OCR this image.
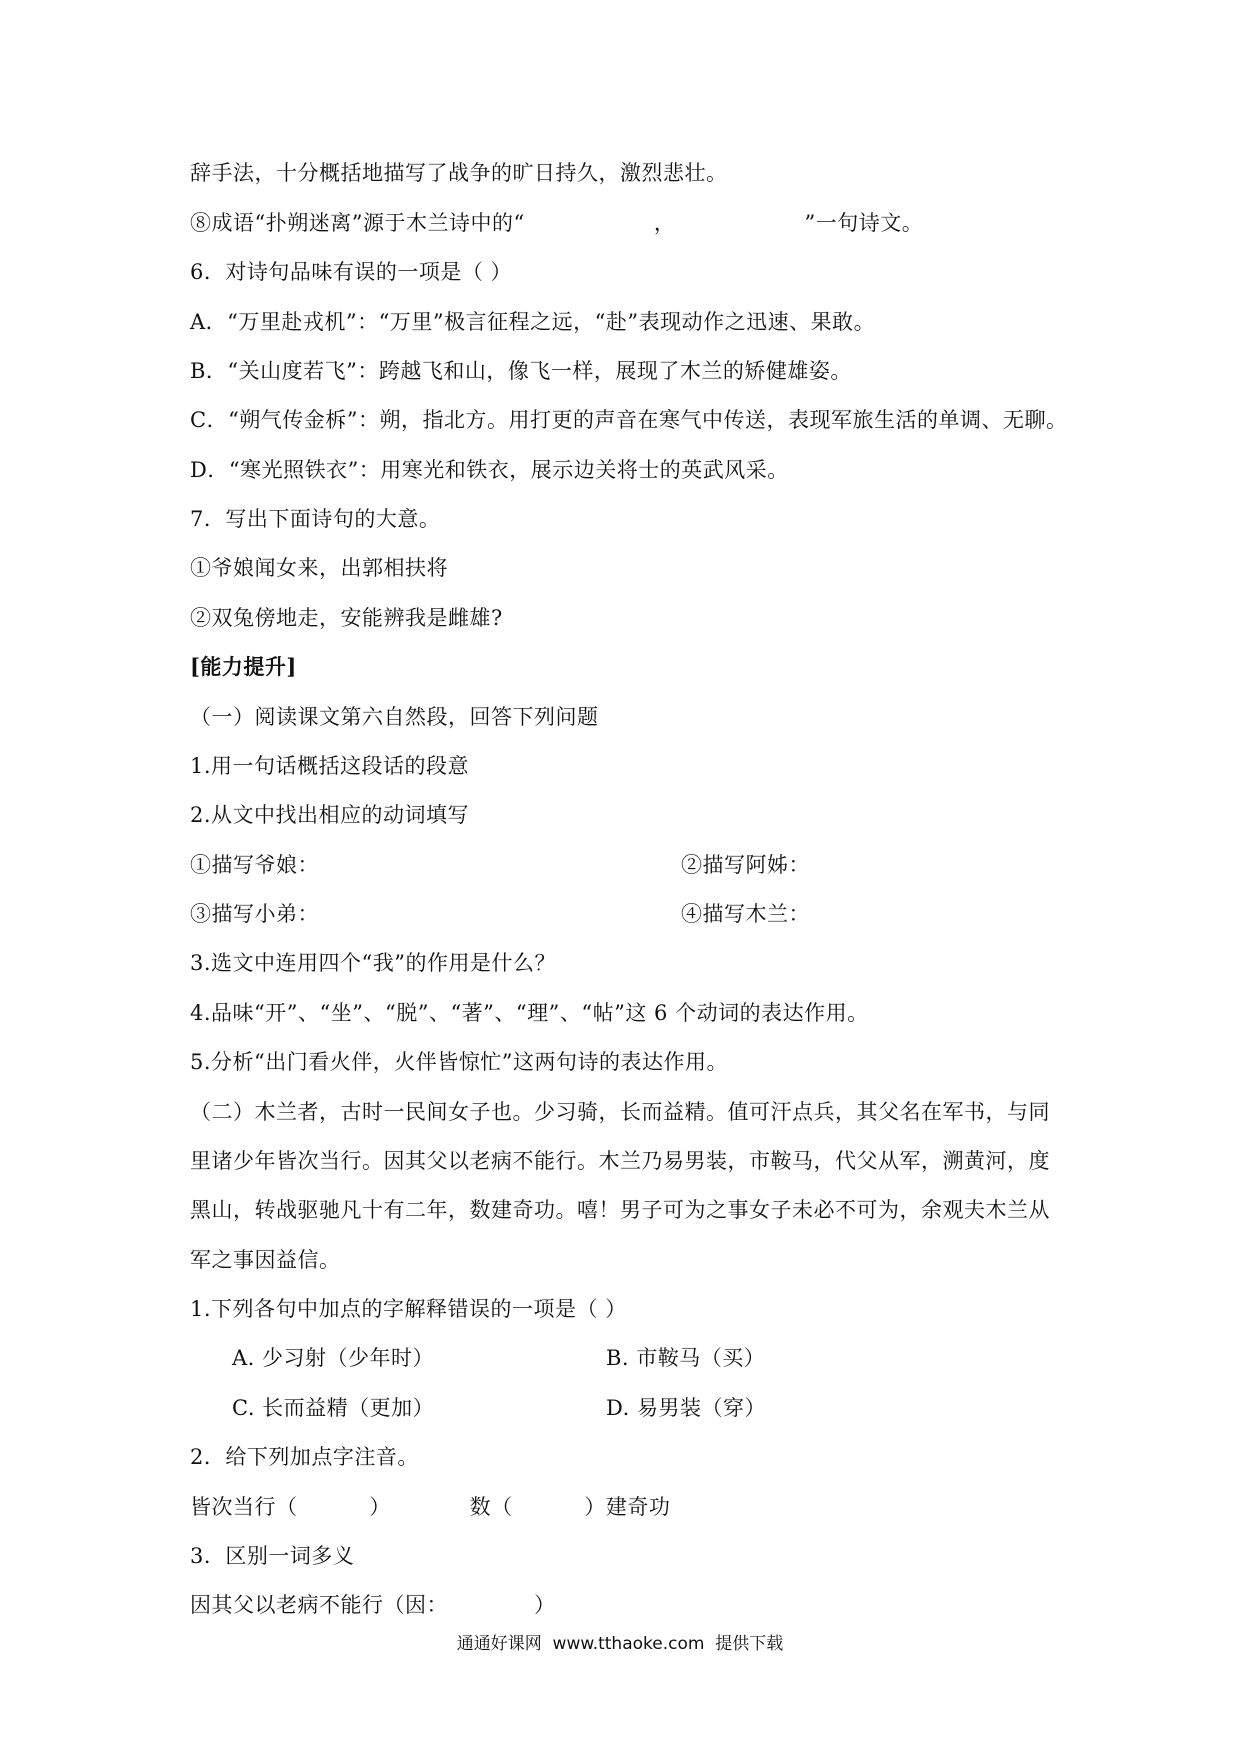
辞手法，十分概括地描写了战争的旷日持久，激烈悲壮。
⑧成语“扑朔迷离”源于木兰诗中的“                  ，                  ”一句诗文。
6．对诗句品味有误的一项是（ ）
A．“万里赴戎机”：“万里”极言征程之远，“赴”表现动作之迅速、果敢。
B．“关山度若飞”：跨越飞和山，像飞一样，展现了木兰的矫健雄姿。
C．“朔气传金柝”：朔，指北方。用打更的声音在寒气中传送，表现军旅生活的单调、无聊。
D．“寒光照铁衣”：用寒光和铁衣，展示边关将士的英武风采。
7．写出下面诗句的大意。
①爷娘闻女来，出郭相扶将
②双兔傍地走，安能辨我是雌雄?
[能力提升]
（一）阅读课文第六自然段，回答下列问题
1.用一句话概括这段话的段意
2.从文中找出相应的动词填写
①描写爷娘：	②描写阿姊：
③描写小弟：	④描写木兰：
3.选文中连用四个“我”的作用是什么？
4.品味“开”、“坐”、“脱”、“著”、“理”、“帖”这 6 个动词的表达作用。
5.分析“出门看火伴，火伴皆惊忙”这两句诗的表达作用。
（二）木兰者，古时一民间女子也。少习骑，长而益精。值可汗点兵，其父名在军书，与同
里诸少年皆次当行。因其父以老病不能行。木兰乃易男装，市鞍马，代父从军，溯黄河，度
黑山，转战驱驰凡十有二年，数建奇功。嘻！男子可为之事女子未必不可为，余观夫木兰从
军之事因益信。
1.下列各句中加点的字解释错误的一项是（ ）
A. 少习射（少年时）	B. 市鞍马（买）
C. 长而益精（更加）	D. 易男装（穿）
2．给下列加点字注音。
皆次当行（          ）           数（          ）建奇功
3．区别一词多义
因其父以老病不能行（因：            ）
通通好课网  www.tthaoke.com  提供下载
